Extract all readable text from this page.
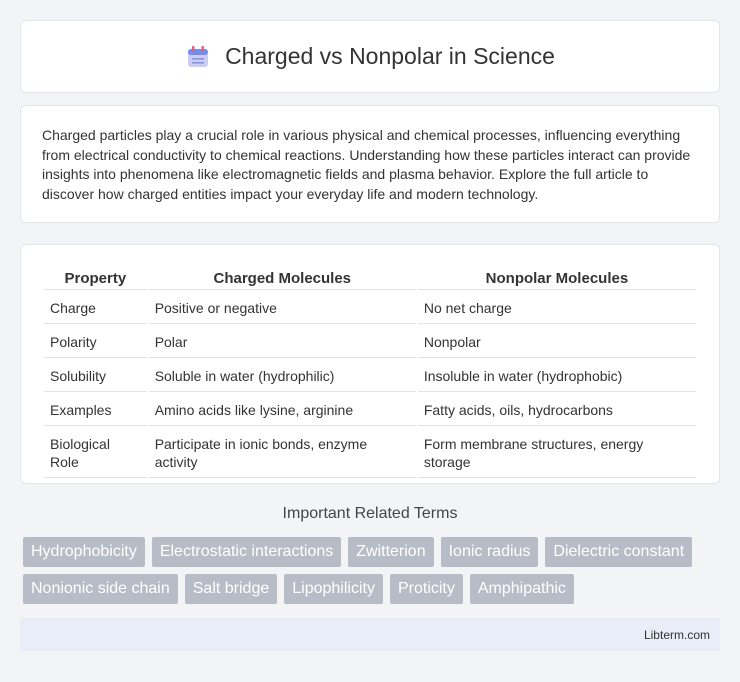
Charged vs Nonpolar in Science

Charged particles play a crucial role in various physical and chemical processes, influencing everything from electrical conductivity to chemical reactions. Understanding how these particles interact can provide insights into phenomena like electromagnetic fields and plasma behavior. Explore the full article to discover how charged entities impact your everyday life and modern technology.

Property	Charged Molecules	Nonpolar Molecules
Charge	Positive or negative	No net charge
Polarity	Polar	Nonpolar
Solubility	Soluble in water (hydrophilic)	Insoluble in water (hydrophobic)
Examples	Amino acids like lysine, arginine	Fatty acids, oils, hydrocarbons
Biological Role	Participate in ionic bonds, enzyme activity	Form membrane structures, energy storage
Important Related Terms
Hydrophobicity	Electrostatic interactions	Zwitterion	Ionic radius	Dielectric constant
Nonionic side chain	Salt bridge	Lipophilicity	Proticity	Amphipathic
Libterm.com
